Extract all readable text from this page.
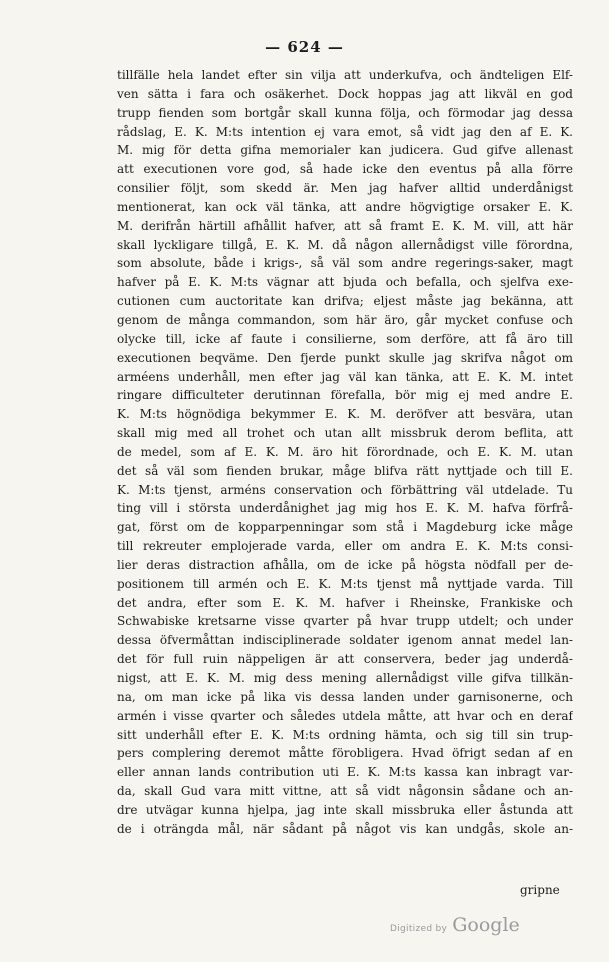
— 624 —
tillfälle hela landet efter sin vilja att underkufva, och ändteligen Elf-
ven sätta i fara och osäkerhet. Dock hoppas jag att likväl en god
trupp fienden som bortgår skall kunna följa, och förmodar jag dessa
rådslag, E. K. M:ts intention ej vara emot, så vidt jag den af E. K.
M. mig för detta gifna memorialer kan judicera. Gud gifve allenast
att executionen vore god, så hade icke den eventus på alla förre
consilier följt, som skedd är. Men jag hafver alltid underdånigst
mentionerat, kan ock väl tänka, att andre högvigtige orsaker E. K.
M. derifrån härtill afhållit hafver, att så framt E. K. M. vill, att här
skall lyckligare tillgå, E. K. M. då någon allernådigst ville förordna,
som absolute, både i krigs-, så väl som andre regerings-saker, magt
hafver på E. K. M:ts vägnar att bjuda och befalla, och sjelfva exe-
cutionen cum auctoritate kan drifva; eljest måste jag bekänna, att
genom de många commandon, som här äro, går mycket confuse och
olycke till, icke af faute i consilierne, som derföre, att få äro till
executionen beqväme. Den fjerde punkt skulle jag skrifva något om
arméens underhåll, men efter jag väl kan tänka, att E. K. M. intet
ringare difficulteter derutinnan förefalla, bör mig ej med andre E.
K. M:ts högnödiga bekymmer E. K. M. deröfver att besvära, utan
skall mig med all trohet och utan allt missbruk derom beflita, att
de medel, som af E. K. M. äro hit förordnade, och E. K. M. utan
det så väl som fienden brukar, måge blifva rätt nyttjade och till E.
K. M:ts tjenst, arméns conservation och förbättring väl utdelade. Tu
ting vill i största underdånighet jag mig hos E. K. M. hafva förfrå-
gat, först om de kopparpenningar som stå i Magdeburg icke måge
till rekreuter emplojerade varda, eller om andra E. K. M:ts consi-
lier deras distraction afhålla, om de icke på högsta nödfall per de-
positionem till armén och E. K. M:ts tjenst må nyttjade varda. Till
det andra, efter som E. K. M. hafver i Rheinske, Frankiske och
Schwabiske kretsarne visse qvarter på hvar trupp utdelt; och under
dessa öfvermåttan indisciplinerade soldater igenom annat medel lan-
det för full ruin näppeligen är att conservera, beder jag underdå-
nigst, att E. K. M. mig dess mening allernådigst ville gifva tillkän-
na, om man icke på lika vis dessa landen under garnisonerne, och
armén i visse qvarter och således utdela måtte, att hvar och en deraf
sitt underhåll efter E. K. M:ts ordning hämta, och sig till sin trup-
pers complering deremot måtte förobligera. Hvad öfrigt sedan af en
eller annan lands contribution uti E. K. M:ts kassa kan inbragt var-
da, skall Gud vara mitt vittne, att så vidt någonsin sådane och an-
dre utvägar kunna hjelpa, jag inte skall missbruka eller åstunda att
de i oträngda mål, när sådant på något vis kan undgås, skole an-
gripne
Digitized by Google
